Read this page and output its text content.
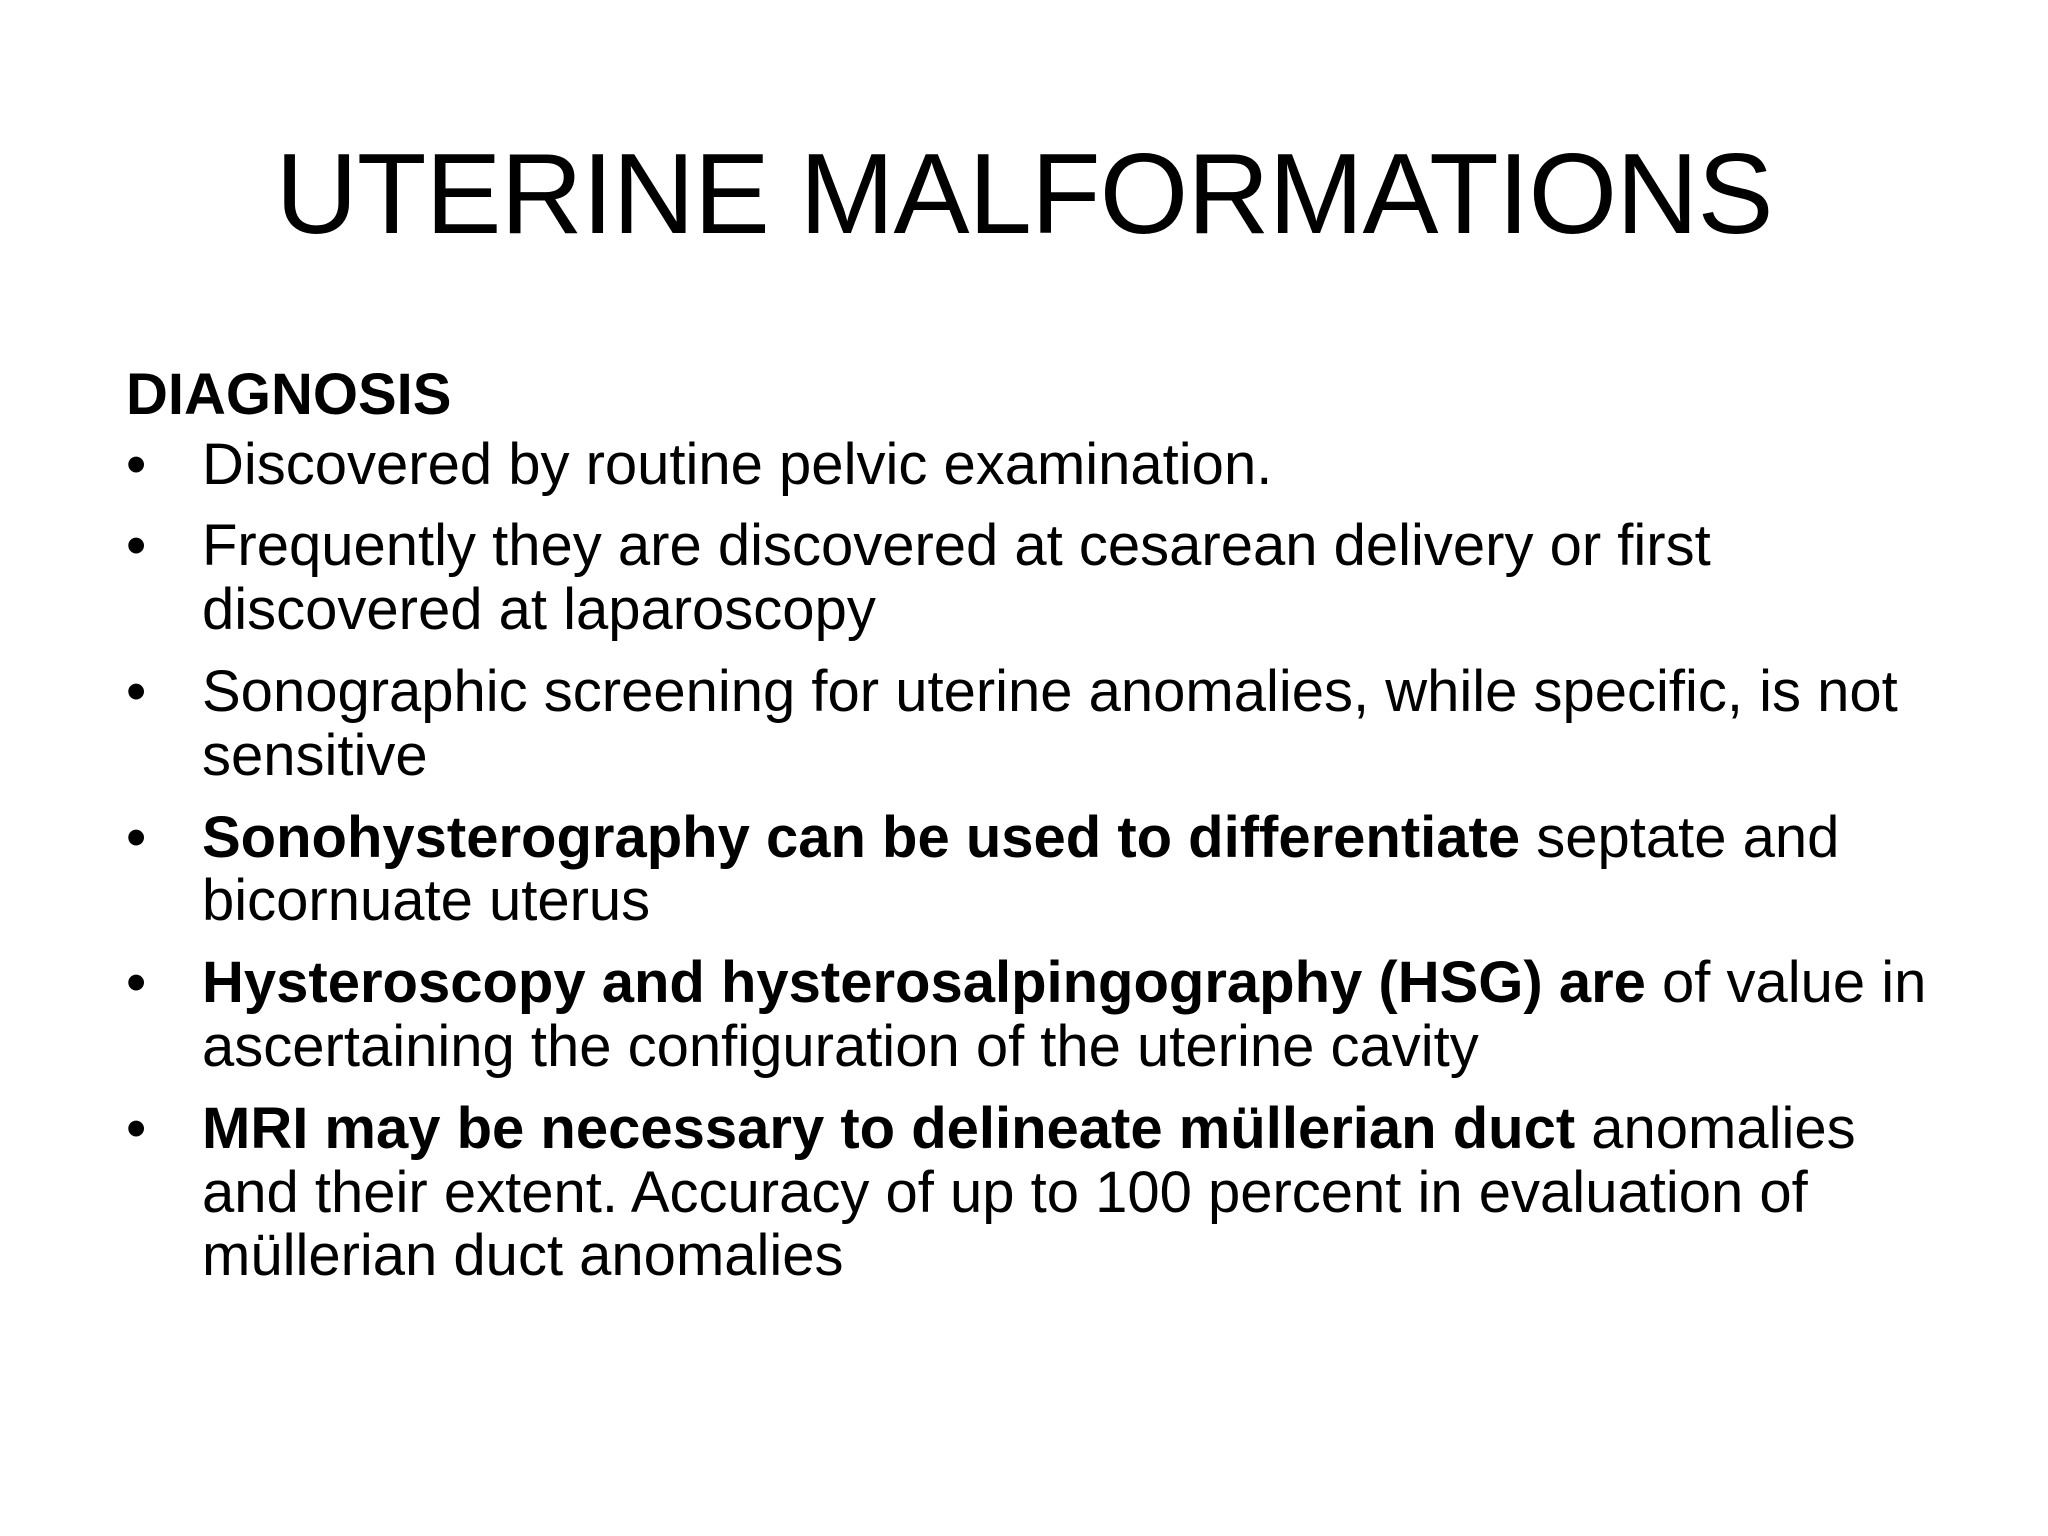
UTERINE MALFORMATIONS
DIAGNOSIS
• Discovered by routine pelvic examination.
• Frequently they are discovered at cesarean delivery or first discovered at laparoscopy
• Sonographic screening for uterine anomalies, while specific, is not sensitive
• Sonohysterography can be used to differentiate septate and bicornuate uterus
• Hysteroscopy and hysterosalpingography (HSG) are of value in ascertaining the configuration of the uterine cavity
• MRI may be necessary to delineate müllerian duct anomalies and their extent. Accuracy of up to 100 percent in evaluation of müllerian duct anomalies
